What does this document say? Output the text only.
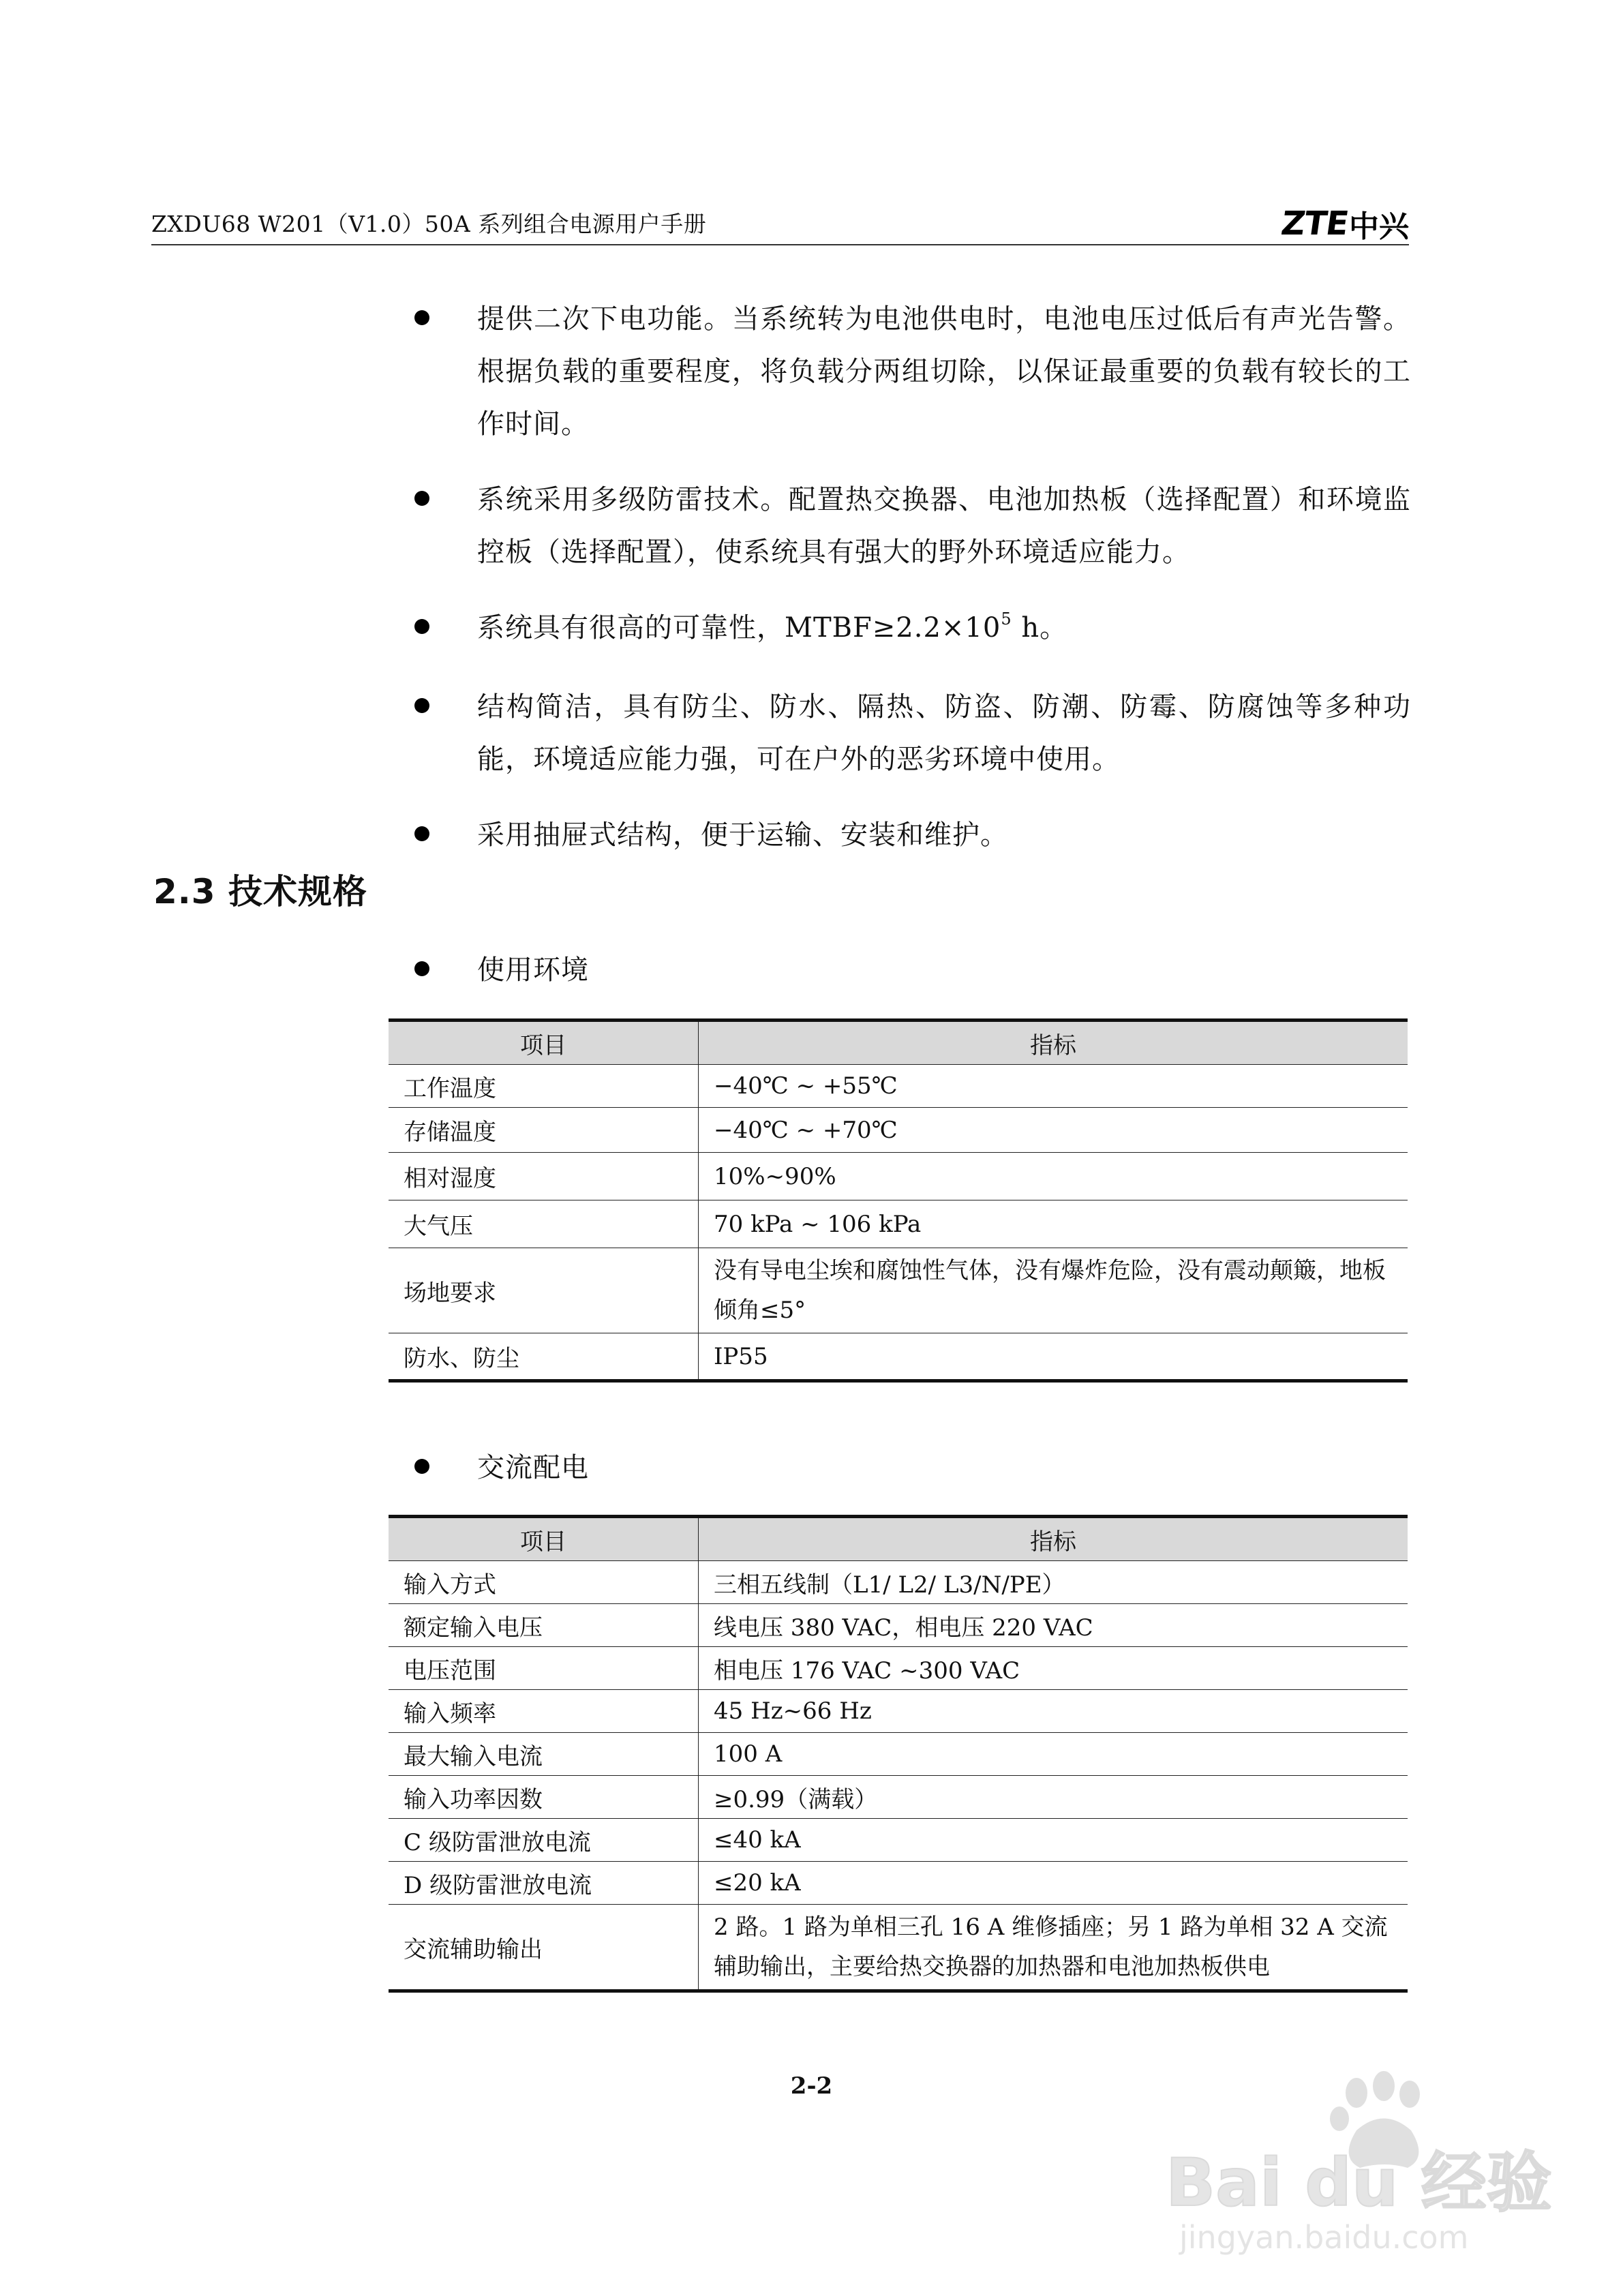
ZXDU68 W201（V1.0）50A 系列组合电源用户手册	ZTE
中兴
提供二次下电功能。当系统转为电池供电时，电池电压过低后有声光告警。根据负载的重要程度，将负载分两组切除，以保证最重要的负载有较长的工作时间。
系统采用多级防雷技术。配置热交换器、电池加热板（选择配置）和环境监控板（选择配置），使系统具有强大的野外环境适应能力。
系统具有很高的可靠性，$MTBF\ge 2.2\times 10^5$ h。
结构简洁，具有防尘、防水、隔热、防盗、防潮、防霉、防腐蚀等多种功能，环境适应能力强，可在户外的恶劣环境中使用。
采用抽屉式结构，便于运输、安装和维护。
2.3 技术规格
使用环境
项目	指标
工作温度	−40℃ ~ +55℃
存储温度	−40℃ ~ +70℃
相对湿度	10%~90%
大气压	70 kPa ~ 106 kPa
场地要求	没有导电尘埃和腐蚀性气体，没有爆炸危险，没有震动颠簸，地板倾角≤5°
防水、防尘	IP55
交流配电
项目	指标
输入方式	三相五线制（L1/ L2/ L3/N/PE）
额定输入电压	线电压 380 VAC，相电压 220 VAC
电压范围	相电压 176 VAC ~300 VAC
输入频率	45 Hz~66 Hz
最大输入电流	100 A
输入功率因数	≥0.99（满载）
C 级防雷泄放电流	≤40 kA
D 级防雷泄放电流	≤20 kA
交流辅助输出	2 路。1 路为单相三孔 16 A 维修插座；另 1 路为单相 32 A 交流辅助输出，主要给热交换器的加热器和电池加热板供电
2-2
Bai du 经验
jingyan.baidu.com
